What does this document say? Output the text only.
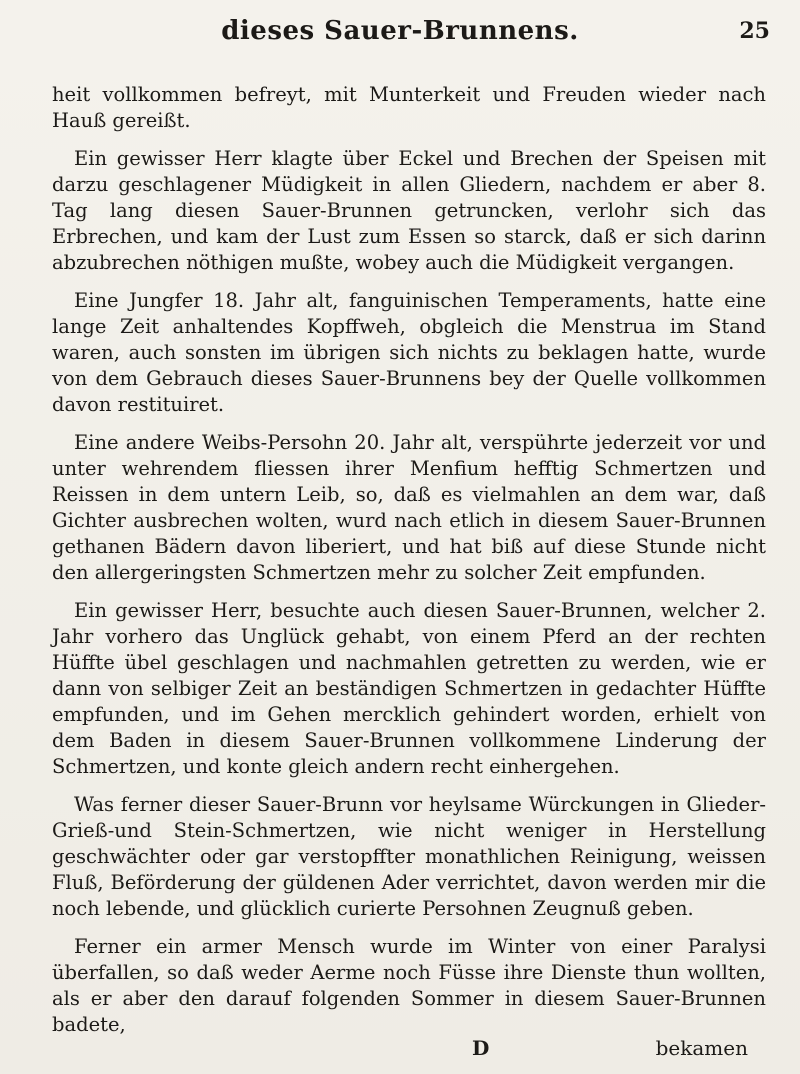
dieses Sauer-Brunnens.	25

heit vollkommen befreyt, mit Munterkeit und Freuden wieder nach Hauß gereißt.

Ein gewisser Herr klagte über Eckel und Brechen der Speisen mit darzu geschlagener Müdigkeit in allen Gliedern, nachdem er aber 8. Tag lang diesen Sauer-Brunnen getruncken, verlohr sich das Erbrechen, und kam der Lust zum Essen so starck, daß er sich darinn abzubrechen nöthigen mußte, wobey auch die Müdigkeit vergangen.

Eine Jungfer 18. Jahr alt, fanguinischen Temperaments, hatte eine lange Zeit anhaltendes Kopffweh, obgleich die Menstrua im Stand waren, auch sonsten im übrigen sich nichts zu beklagen hatte, wurde von dem Gebrauch dieses Sauer-Brunnens bey der Quelle vollkommen davon restituiret.

Eine andere Weibs-Persohn 20. Jahr alt, verspührte jederzeit vor und unter wehrendem fliessen ihrer Menfium hefftig Schmertzen und Reissen in dem untern Leib, so, daß es vielmahlen an dem war, daß Gichter ausbrechen wolten, wurd nach etlich in diesem Sauer-Brunnen gethanen Bädern davon liberiert, und hat biß auf diese Stunde nicht den allergeringsten Schmertzen mehr zu solcher Zeit empfunden.

Ein gewisser Herr, besuchte auch diesen Sauer-Brunnen, welcher 2. Jahr vorhero das Unglück gehabt, von einem Pferd an der rechten Hüffte übel geschlagen und nachmahlen getretten zu werden, wie er dann von selbiger Zeit an beständigen Schmertzen in gedachter Hüffte empfunden, und im Gehen mercklich gehindert worden, erhielt von dem Baden in diesem Sauer-Brunnen vollkommene Linderung der Schmertzen, und konte gleich andern recht einhergehen.

Was ferner dieser Sauer-Brunn vor heylsame Würckungen in Glieder-Grieß-und Stein-Schmertzen, wie nicht weniger in Herstellung geschwächter oder gar verstopffter monathlichen Reinigung, weissen Fluß, Beförderung der güldenen Ader verrichtet, davon werden mir die noch lebende, und glücklich curierte Persohnen Zeugnuß geben.

Ferner ein armer Mensch wurde im Winter von einer Paralysi überfallen, so daß weder Aerme noch Füsse ihre Dienste thun wollten, als er aber den darauf folgenden Sommer in diesem Sauer-Brunnen badete,

D	bekamen
